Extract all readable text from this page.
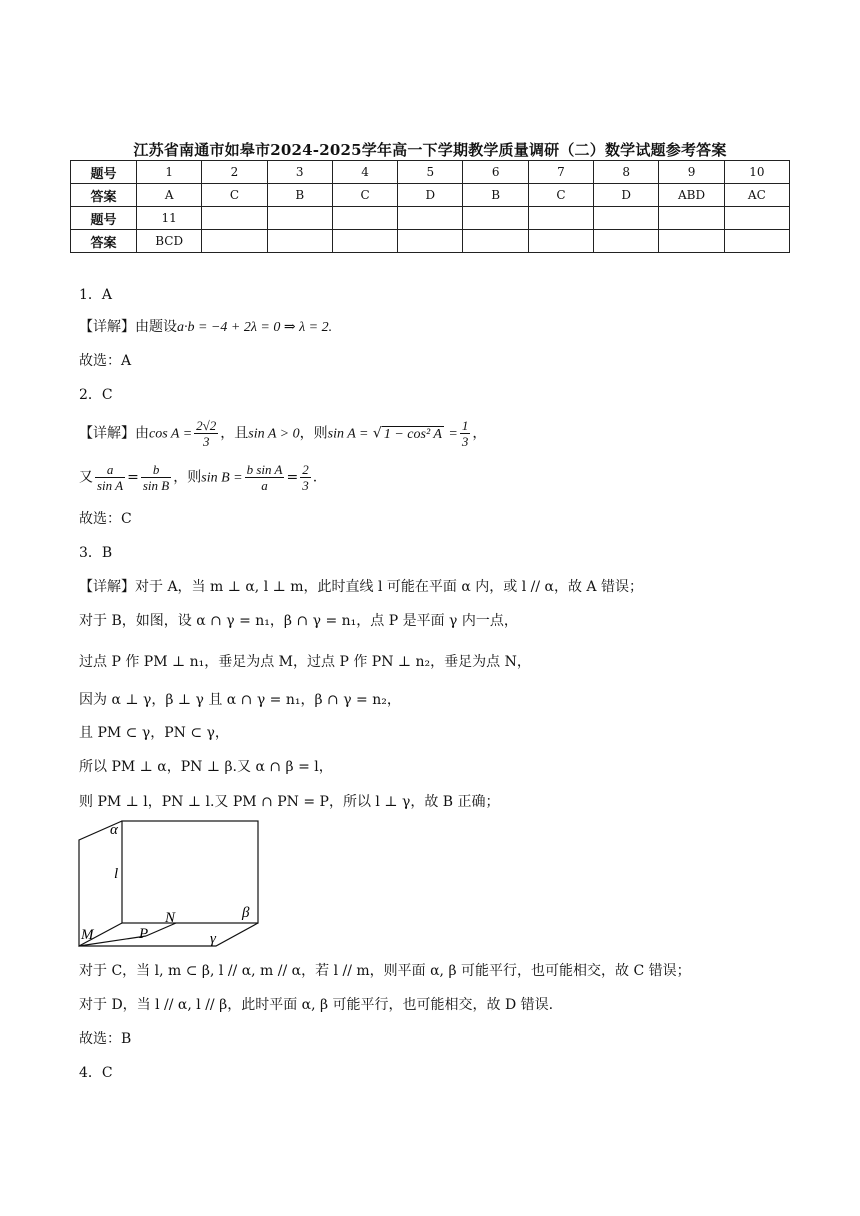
江苏省南通市如皋市2024-2025学年高一下学期教学质量调研（二）数学试题参考答案
题号	1	2	3	4	5	6	7	8	9	10
答案	A	C	B	C	D	B	C	D	ABD	AC
题号	11									
答案	BCD									
1．A
【详解】由题设a·b = −4 + 2λ = 0 ⇒ λ = 2.
故选：A
2．C
【详解】由$\cos A = \frac{2√2}{3}$ ，且sin A > 0，则sin A = √ 1 − cos² $A = \frac{1}{3}$ ，
又 $\frac{a}{\text{sin A}} = \frac{b}{\text{sin B}}$ ，则$\sin B = \frac{\text{b sin A}}{a} = \frac{2}{3}$ .
故选：C
3．B
【详解】对于 A，当 m ⊥ α, l ⊥ m，此时直线 l 可能在平面 α 内，或 l // α，故 A 错误；
对于 B，如图，设 α ∩ γ = n₁，β ∩ γ = n₁，点 P 是平面 γ 内一点，
过点 P 作 PM ⊥ n₁，垂足为点 M，过点 P 作 PN ⊥ n₂，垂足为点 N，
因为 α ⊥ γ，β ⊥ γ 且 α ∩ γ = n₁，β ∩ γ = n₂，
且 PM ⊂ γ，PN ⊂ γ，
所以 PM ⊥ α，PN ⊥ β.又 α ∩ β = l，
则 PM ⊥ l，PN ⊥ l.又 PM ∩ PN = P，所以 l ⊥ γ，故 B 正确；
α
l
β
γ
M	P
N
对于 C，当 l, m ⊂ β, l // α, m // α，若 l // m，则平面 α, β 可能平行，也可能相交，故 C 错误；
对于 D，当 l // α, l // β，此时平面 α, β 可能平行，也可能相交，故 D 错误.
故选：B
4．C
